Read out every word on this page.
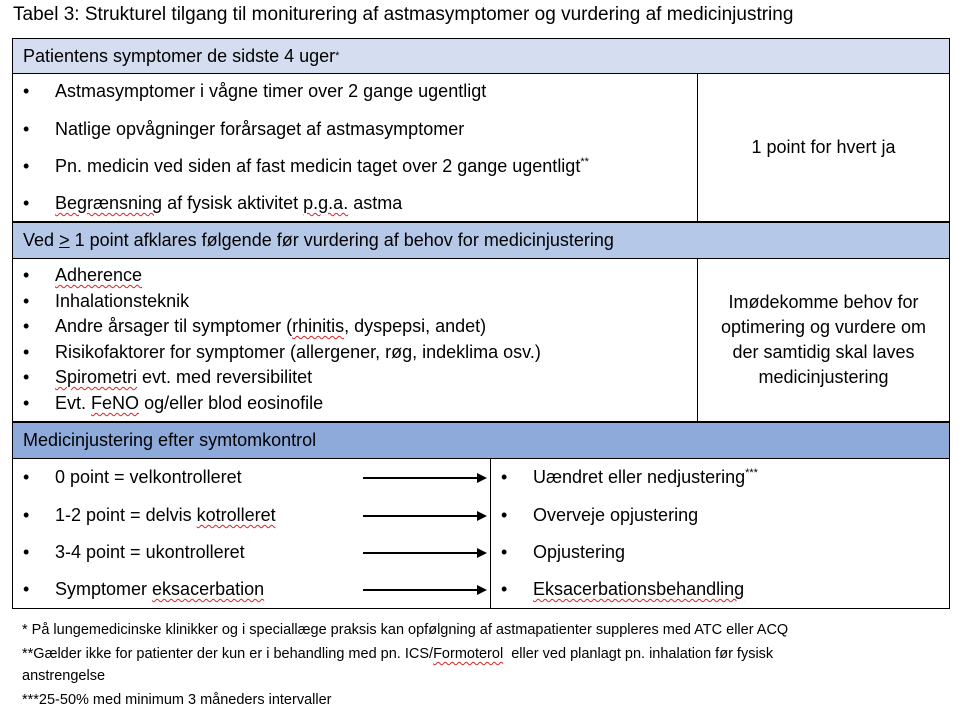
Tabel 3: Strukturel tilgang til moniturering af astmasymptomer og vurdering af medicinjustring
Patientens symptomer de sidste 4 uger *
• Astmasymptomer i vågne timer over 2 gange ugentligt
• Natlige opvågninger forårsaget af astmasymptomer
• Pn. medicin ved siden af fast medicin taget over 2 gange ugentligt**
• Begrænsning af fysisk aktivitet p.g.a. astma
1 point for hvert ja
Ved
≥
1 point afklares følgende før vurdering af behov for medicinjustering
• Adherence
• Inhalationsteknik
• Andre årsager til symptomer (rhinitis, dyspepsi, andet)
• Risikofaktorer for symptomer (allergener, røg, indeklima osv.)
• Spirometri evt. med reversibilitet
• Evt. FeNO og/eller blod eosinofile
Imødekomme behov for
optimering og vurdere om
der samtidig skal laves
medicinjustering
Medicinjustering efter symtomkontrol
• 0 point = velkontrolleret
• 1-2 point = delvis kotrolleret
• 3-4 point = ukontrolleret
• Symptomer eksacerbation
• Uændret eller nedjustering***
• Overveje opjustering
• Opjustering
• Eksacerbationsbehandling
* På lungemedicinske klinikker og i speciallæge praksis kan opfølgning af astmapatienter suppleres med ATC eller ACQ
**Gælder ikke for patienter der kun er i behandling med pn. ICS/Formoterol  eller ved planlagt pn. inhalation før fysisk
anstrengelse
***25-50% med minimum 3 måneders intervaller
